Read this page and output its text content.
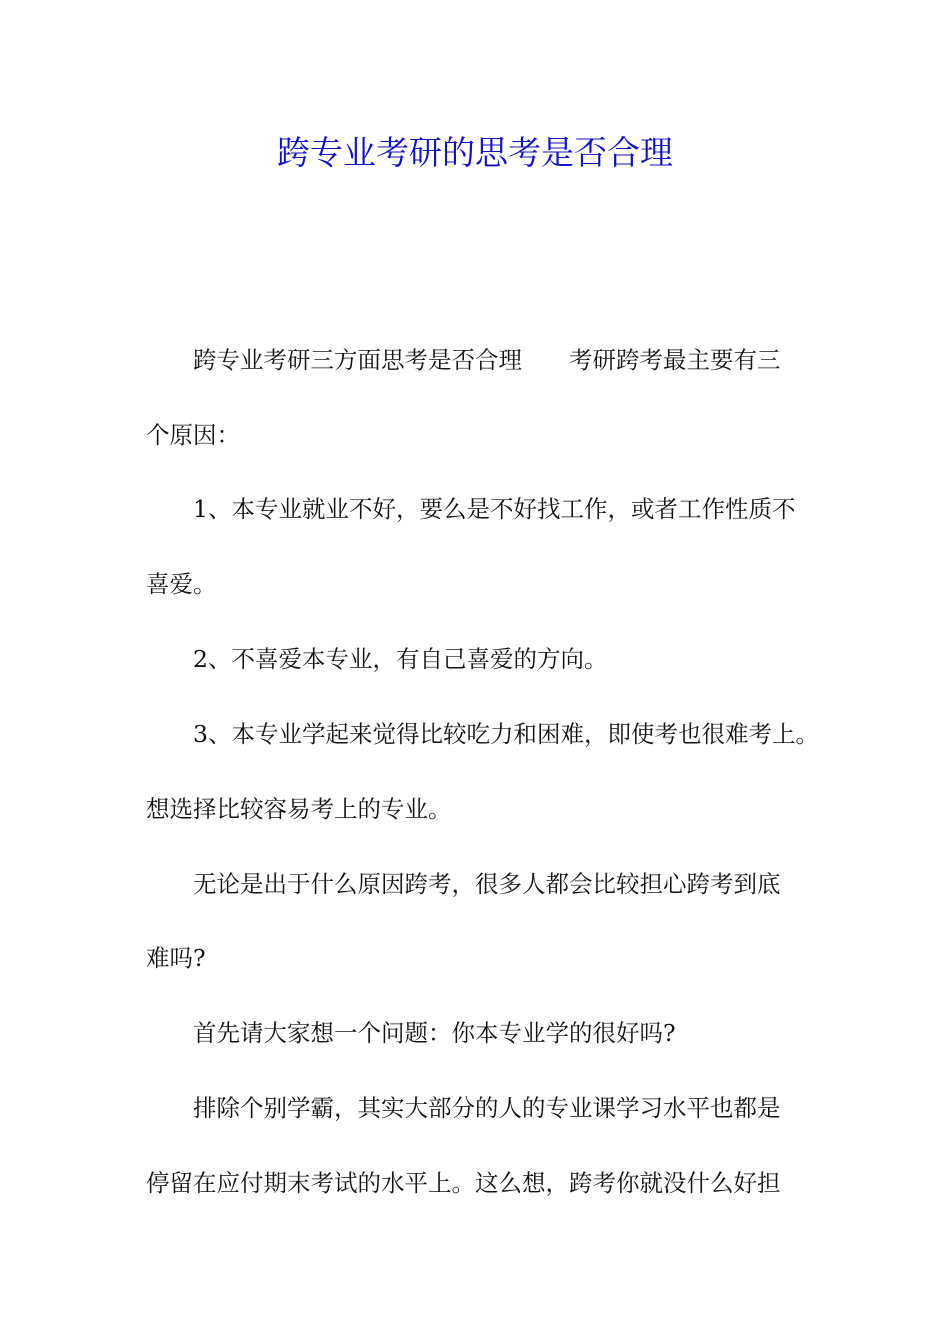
跨专业考研的思考是否合理

跨专业考研三方面思考是否合理　　考研跨考最主要有三

个原因：

1、本专业就业不好，要么是不好找工作，或者工作性质不

喜爱。

2、不喜爱本专业，有自己喜爱的方向。

3、本专业学起来觉得比较吃力和困难，即使考也很难考上。

想选择比较容易考上的专业。

无论是出于什么原因跨考，很多人都会比较担心跨考到底

难吗?

首先请大家想一个问题：你本专业学的很好吗?

排除个别学霸，其实大部分的人的专业课学习水平也都是

停留在应付期末考试的水平上。这么想，跨考你就没什么好担
